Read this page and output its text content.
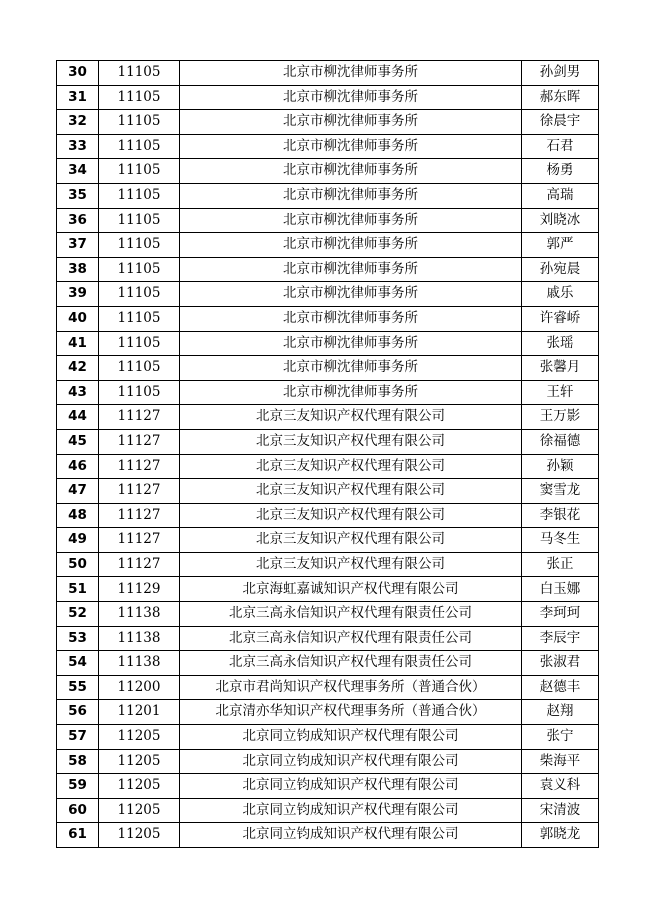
30	11105	北京市柳沈律师事务所	孙剑男
31	11105	北京市柳沈律师事务所	郝东晖
32	11105	北京市柳沈律师事务所	徐晨宇
33	11105	北京市柳沈律师事务所	石君
34	11105	北京市柳沈律师事务所	杨勇
35	11105	北京市柳沈律师事务所	高瑞
36	11105	北京市柳沈律师事务所	刘晓冰
37	11105	北京市柳沈律师事务所	郭严
38	11105	北京市柳沈律师事务所	孙宛晨
39	11105	北京市柳沈律师事务所	戚乐
40	11105	北京市柳沈律师事务所	许睿峤
41	11105	北京市柳沈律师事务所	张瑶
42	11105	北京市柳沈律师事务所	张馨月
43	11105	北京市柳沈律师事务所	王轩
44	11127	北京三友知识产权代理有限公司	王万影
45	11127	北京三友知识产权代理有限公司	徐福德
46	11127	北京三友知识产权代理有限公司	孙颖
47	11127	北京三友知识产权代理有限公司	窦雪龙
48	11127	北京三友知识产权代理有限公司	李银花
49	11127	北京三友知识产权代理有限公司	马冬生
50	11127	北京三友知识产权代理有限公司	张正
51	11129	北京海虹嘉诚知识产权代理有限公司	白玉娜
52	11138	北京三高永信知识产权代理有限责任公司	李珂珂
53	11138	北京三高永信知识产权代理有限责任公司	李辰宇
54	11138	北京三高永信知识产权代理有限责任公司	张淑君
55	11200	北京市君尚知识产权代理事务所（普通合伙）	赵德丰
56	11201	北京清亦华知识产权代理事务所（普通合伙）	赵翔
57	11205	北京同立钧成知识产权代理有限公司	张宁
58	11205	北京同立钧成知识产权代理有限公司	柴海平
59	11205	北京同立钧成知识产权代理有限公司	袁义科
60	11205	北京同立钧成知识产权代理有限公司	宋清波
61	11205	北京同立钧成知识产权代理有限公司	郭晓龙
